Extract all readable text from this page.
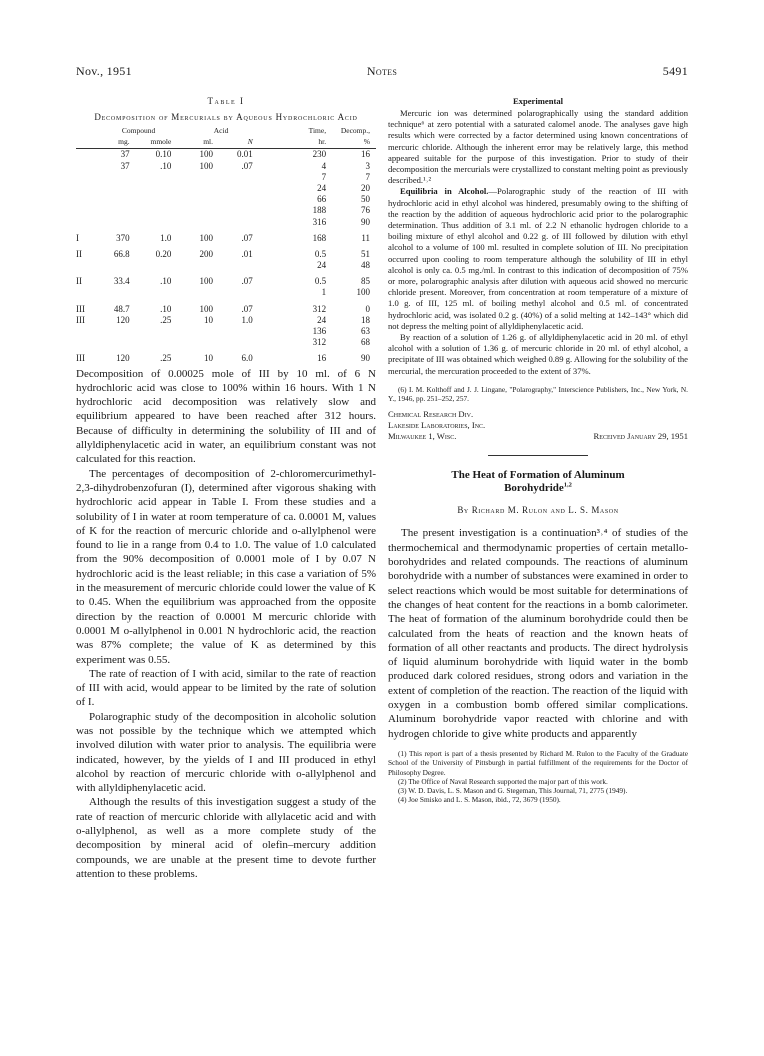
Nov., 1951	Notes	5491
Table I
Decomposition of Mercurials by Aqueous Hydrochloric Acid
	Compound		Acid		Time,	Decomp.,
	mg.	mmole	ml.	N	hr.	%

	37	0.10	100	0.01	230	16
	37	.10	100	.07	4	3
					7	7
					24	20
					66	50
					188	76
					316	90

I	370	1.0	100	.07	168	11

II	66.8	0.20	200	.01	0.5	51
					24	48

II	33.4	.10	100	.07	0.5	85
					1	100

III	48.7	.10	100	.07	312	0
III	120	.25	10	1.0	24	18
					136	63
					312	68

III	120	.25	10	6.0	16	90

Decomposition of 0.00025 mole of III by 10 ml. of 6 N hydrochloric acid was close to 100% within 16 hours. With 1 N hydrochloric acid decomposition was relatively slow and equilibrium appeared to have been reached after 312 hours. Because of difficulty in determining the solubility of III and of allyldiphenylacetic acid in water, an equilibrium constant was not calculated for this reaction.

The percentages of decomposition of 2-chloromercurimethyl-2,3-dihydrobenzofuran (I), determined after vigorous shaking with hydrochloric acid appear in Table I. From these studies and a solubility of I in water at room temperature of ca. 0.0001 M, values of K for the reaction of mercuric chloride and o-allylphenol were found to lie in a range from 0.4 to 1.0. The value of 1.0 calculated from the 90% decomposition of 0.0001 mole of I by 0.07 N hydrochloric acid is the least reliable; in this case a variation of 5% in the measurement of mercuric chloride could lower the value of K to 0.45. When the equilibrium was approached from the opposite direction by the reaction of 0.0001 M mercuric chloride with 0.0001 M o-allylphenol in 0.001 N hydrochloric acid, the reaction was 87% complete; the value of K as determined by this experiment was 0.55.

The rate of reaction of I with acid, similar to the rate of reaction of III with acid, would appear to be limited by the rate of solution of I.

Polarographic study of the decomposition in alcoholic solution was not possible by the technique which we attempted which involved dilution with water prior to analysis. The equilibria were indicated, however, by the yields of I and III produced in ethyl alcohol by reaction of mercuric chloride with o-allylphenol and with allyldiphenylacetic acid.

Although the results of this investigation suggest a study of the rate of reaction of mercuric chloride with allylacetic acid and with o-allylphenol, as well as a more complete study of the decomposition by mineral acid of olefin–mercury addition compounds, we are unable at the present time to devote further attention to these problems.

Experimental

Mercuric ion was determined polarographically using the standard addition technique⁶ at zero potential with a saturated calomel anode. The analyses gave high results which were corrected by a factor determined using known concentrations of mercuric chloride. Although the inherent error may be relatively large, this method appeared suitable for the purpose of this investigation. Prior to study of their decomposition the mercurials were crystallized to constant melting point as previously described.¹˒²

Equilibria in Alcohol.—Polarographic study of the reaction of III with hydrochloric acid in ethyl alcohol was hindered, presumably owing to the shifting of the reaction by the addition of aqueous hydrochloric acid prior to the polarographic determination. Thus addition of 3.1 ml. of 2.2 N ethanolic hydrogen chloride to a boiling mixture of ethyl alcohol and 0.22 g. of III followed by dilution with ethyl alcohol to a volume of 100 ml. resulted in complete solution of III. No precipitation occurred upon cooling to room temperature although the solubility of III in ethyl alcohol is only ca. 0.5 mg./ml. In contrast to this indication of decomposition of 75% or more, polarographic analysis after dilution with aqueous acid showed no mercuric chloride present. Moreover, from concentration at room temperature of a mixture of 1.0 g. of III, 125 ml. of boiling methyl alcohol and 0.5 ml. of concentrated hydrochloric acid, was isolated 0.2 g. (40%) of a solid melting at 142–143° which did not depress the melting point of allyldiphenylacetic acid.

By reaction of a solution of 1.26 g. of allyldiphenylacetic acid in 20 ml. of ethyl alcohol with a solution of 1.36 g. of mercuric chloride in 20 ml. of ethyl alcohol, a precipitate of III was obtained which weighed 0.89 g. Allowing for the solubility of the mercurial, the mercuration proceeded to the extent of 37%.

(6) I. M. Kolthoff and J. J. Lingane, "Polarography," Interscience Publishers, Inc., New York, N. Y., 1946, pp. 251–252, 257.
Chemical Research Div.
Lakeside Laboratories, Inc.
Milwaukee 1, Wisc.	Received January 29, 1951
The Heat of Formation of Aluminum
Borohydride$^{1,2}$
By Richard M. Rulon and L. S. Mason

The present investigation is a continuation³˒⁴ of studies of the thermochemical and thermodynamic properties of certain metallo-borohydrides and related compounds. The reactions of aluminum borohydride with a number of substances were examined in order to select reactions which would be most suitable for determinations of the changes of heat content for the reactions in a bomb calorimeter. The heat of formation of the aluminum borohydride could then be calculated from the heats of reaction and the known heats of formation of all other reactants and products. The direct hydrolysis of liquid aluminum borohydride with liquid water in the bomb produced dark colored residues, strong odors and variation in the extent of completion of the reaction. The reaction of the liquid with oxygen in a combustion bomb offered similar complications. Aluminum borohydride vapor reacted with chlorine and with hydrogen chloride to give white products and apparently

(1) This report is part of a thesis presented by Richard M. Rulon to the Faculty of the Graduate School of the University of Pittsburgh in partial fulfillment of the requirements for the Doctor of Philosophy Degree.
(2) The Office of Naval Research supported the major part of this work.
(3) W. D. Davis, L. S. Mason and G. Stegeman, This Journal, 71, 2775 (1949).
(4) Joe Smisko and L. S. Mason, ibid., 72, 3679 (1950).
